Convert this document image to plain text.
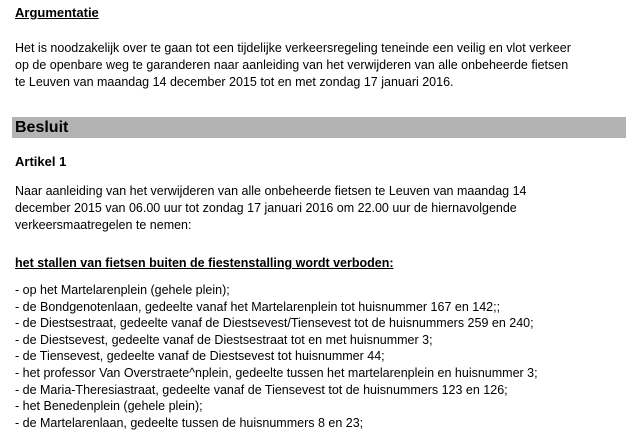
Argumentatie

Het is noodzakelijk over te gaan tot een tijdelijke verkeersregeling teneinde een veilig en vlot verkeer
op de openbare weg te garanderen naar aanleiding van het verwijderen van alle onbeheerde fietsen
te Leuven van maandag 14 december 2015 tot en met zondag 17 januari 2016.

Besluit
Artikel 1

Naar aanleiding van het verwijderen van alle onbeheerde fietsen te Leuven van maandag 14
december 2015 van 06.00 uur tot zondag 17 januari 2016 om 22.00 uur de hiernavolgende
verkeersmaatregelen te nemen:

het stallen van fietsen buiten de fiestenstalling wordt verboden:
- op het Martelarenplein (gehele plein);
- de Bondgenotenlaan, gedeelte vanaf het Martelarenplein tot huisnummer 167 en 142;;
- de Diestsestraat, gedeelte vanaf de Diestsevest/Tiensevest tot de huisnummers 259 en 240;
- de Diestsevest, gedeelte vanaf de Diestsestraat tot en met huisnummer 3;
- de Tiensevest, gedeelte vanaf de Diestsevest tot huisnummer 44;
- het professor Van Overstraete^nplein, gedeelte tussen het martelarenplein en huisnummer 3;
- de Maria-Theresiastraat, gedeelte vanaf de Tiensevest tot de huisnummers 123 en 126;
- het Benedenplein (gehele plein);
- de Martelarenlaan, gedeelte tussen de huisnummers 8 en 23;
